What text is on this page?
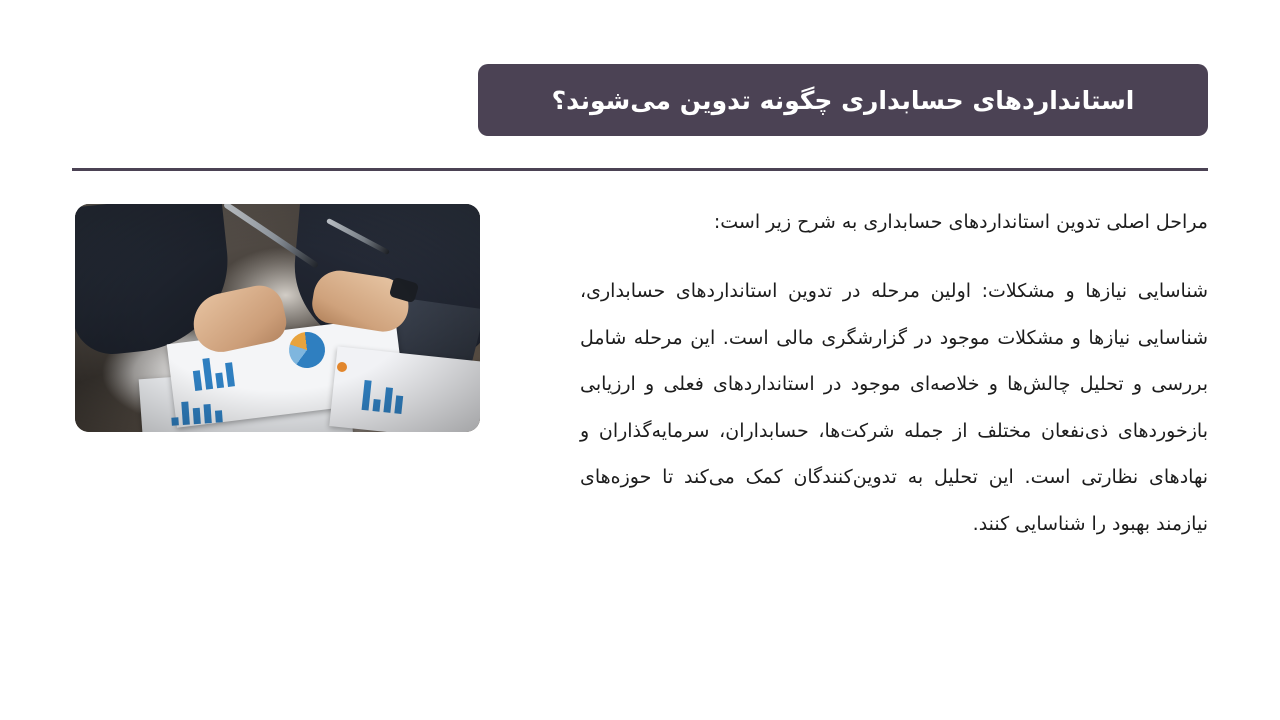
استانداردهای حسابداری چگونه تدوین می‌شوند؟

مراحل اصلی تدوین استانداردهای حسابداری به شرح زیر است:

شناسایی نیازها و مشکلات: اولین مرحله در تدوین استانداردهای حسابداری، شناسایی نیازها و مشکلات موجود در گزارشگری مالی است. این مرحله شامل بررسی و تحلیل چالش‌ها و خلاصه‌ای موجود در استانداردهای فعلی و ارزیابی بازخوردهای ذی‌نفعان مختلف از جمله شرکت‌ها، حسابداران، سرمایه‌گذاران و نهادهای نظارتی است. این تحلیل به تدوین‌کنندگان کمک می‌کند تا حوزه‌های نیازمند بهبود را شناسایی کنند.
